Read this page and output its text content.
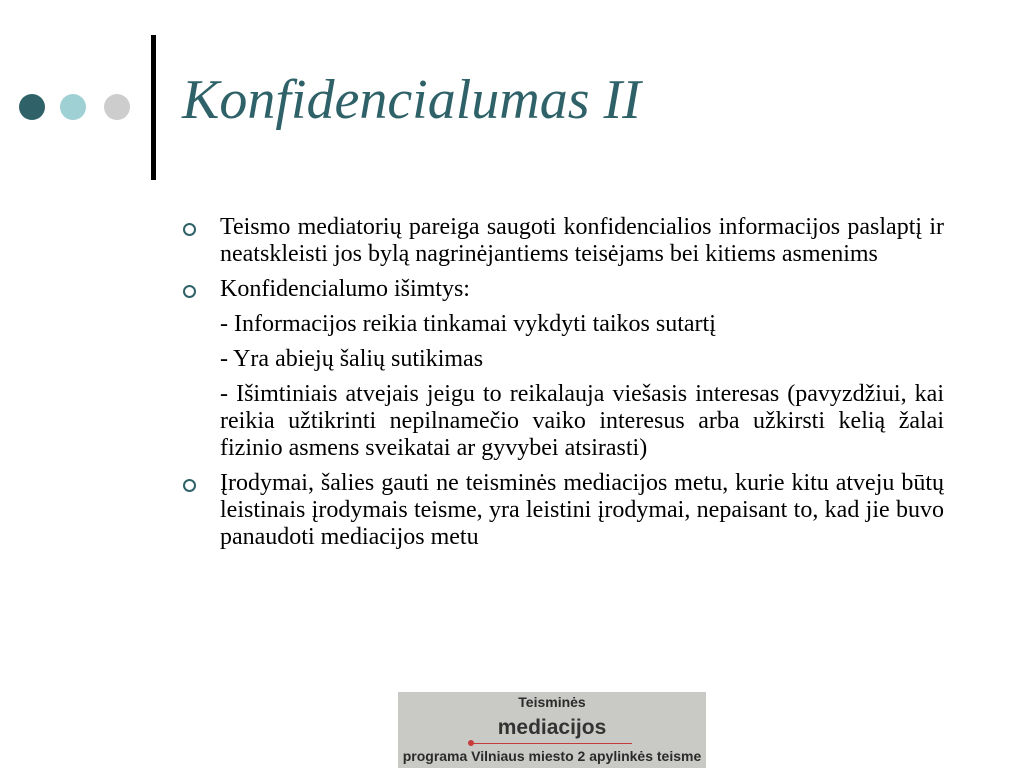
Konfidencialumas II
Teismo mediatorių pareiga saugoti konfidencialios informacijos paslaptį ir neatskleisti jos bylą nagrinėjantiems teisėjams bei kitiems asmenims
Konfidencialumo išimtys:
- Informacijos reikia tinkamai vykdyti taikos sutartį
- Yra abiejų šalių sutikimas
- Išimtiniais atvejais jeigu to reikalauja viešasis interesas (pavyzdžiui, kai reikia užtikrinti nepilnamečio vaiko interesus arba užkirsti kelią žalai fizinio asmens sveikatai ar gyvybei atsirasti)
Įrodymai, šalies gauti ne teisminės mediacijos metu, kurie kitu atveju būtų leistinais įrodymais teisme, yra leistini įrodymai, nepaisant to, kad jie buvo panaudoti mediacijos metu
Teisminės
mediacijos
programa Vilniaus miesto 2 apylinkės teisme
